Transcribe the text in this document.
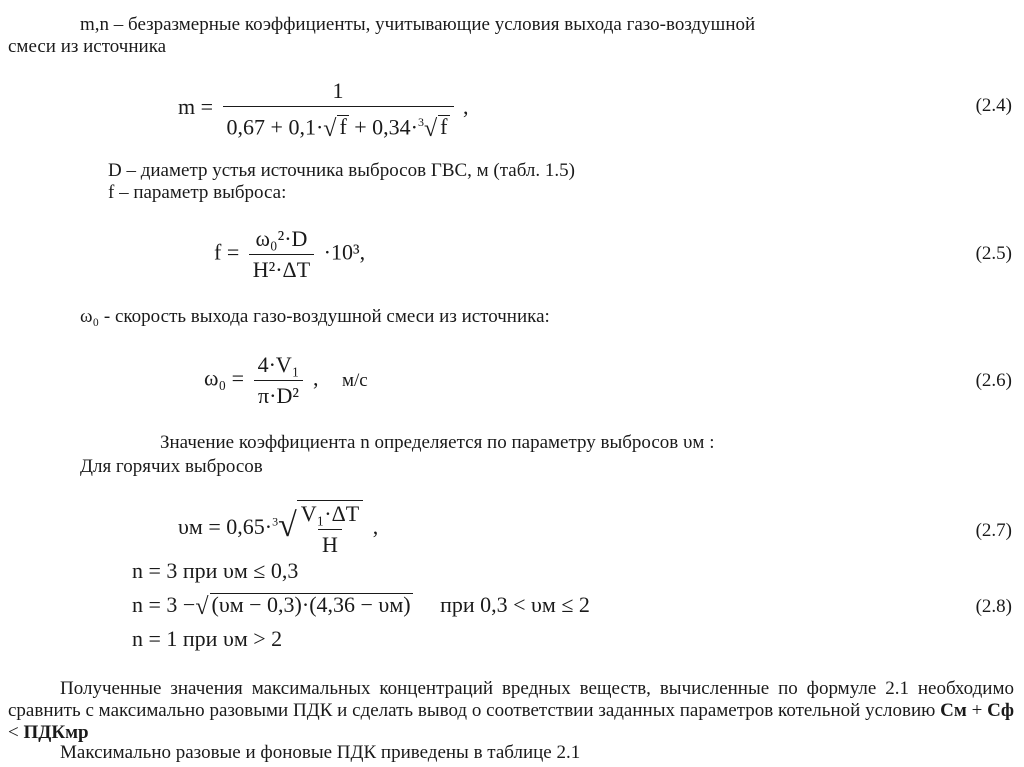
m,n – безразмерные коэффициенты, учитывающие условия выхода газо-воздушной
смеси из источника
$m = \frac{1}{0,67 + 0,1\cdot√ f + 0,34\cdot^3√ f}$ ,	(2.4)
D – диаметр устья источника выбросов ГВС, м (табл. 1.5)
f – параметр выброса:
$f = \frac{\text{ω₀²·D}}{\text{H²·ΔT}} \cdot 10^3$,	(2.5)
ω₀ - скорость выхода газо-воздушной смеси из источника:
$\omega_0 = \frac{\text{4·V₁}}{\text{π·D²}}$ , м/с	(2.6)
Значение коэффициента n определяется по параметру выбросов υм :
Для горячих выбросов
$\upsilon м = 0,65\cdot^3√ \frac{\text{V₁·ΔT}}{H}$ ,	(2.7)
n = 3 при υм ≤ 0,3
n = 3 −√ (υм − 0,3)·(4,36 − υм) при 0,3 < υм ≤ 2	(2.8)
n = 1 при υм > 2
Полученные значения максимальных концентраций вредных веществ, вычисленные по формуле 2.1 необходимо сравнить с максимально разовыми ПДК и сделать вывод о соответствии заданных параметров котельной условию См + Сф < ПДКмр
Максимально разовые и фоновые ПДК приведены в таблице 2.1
